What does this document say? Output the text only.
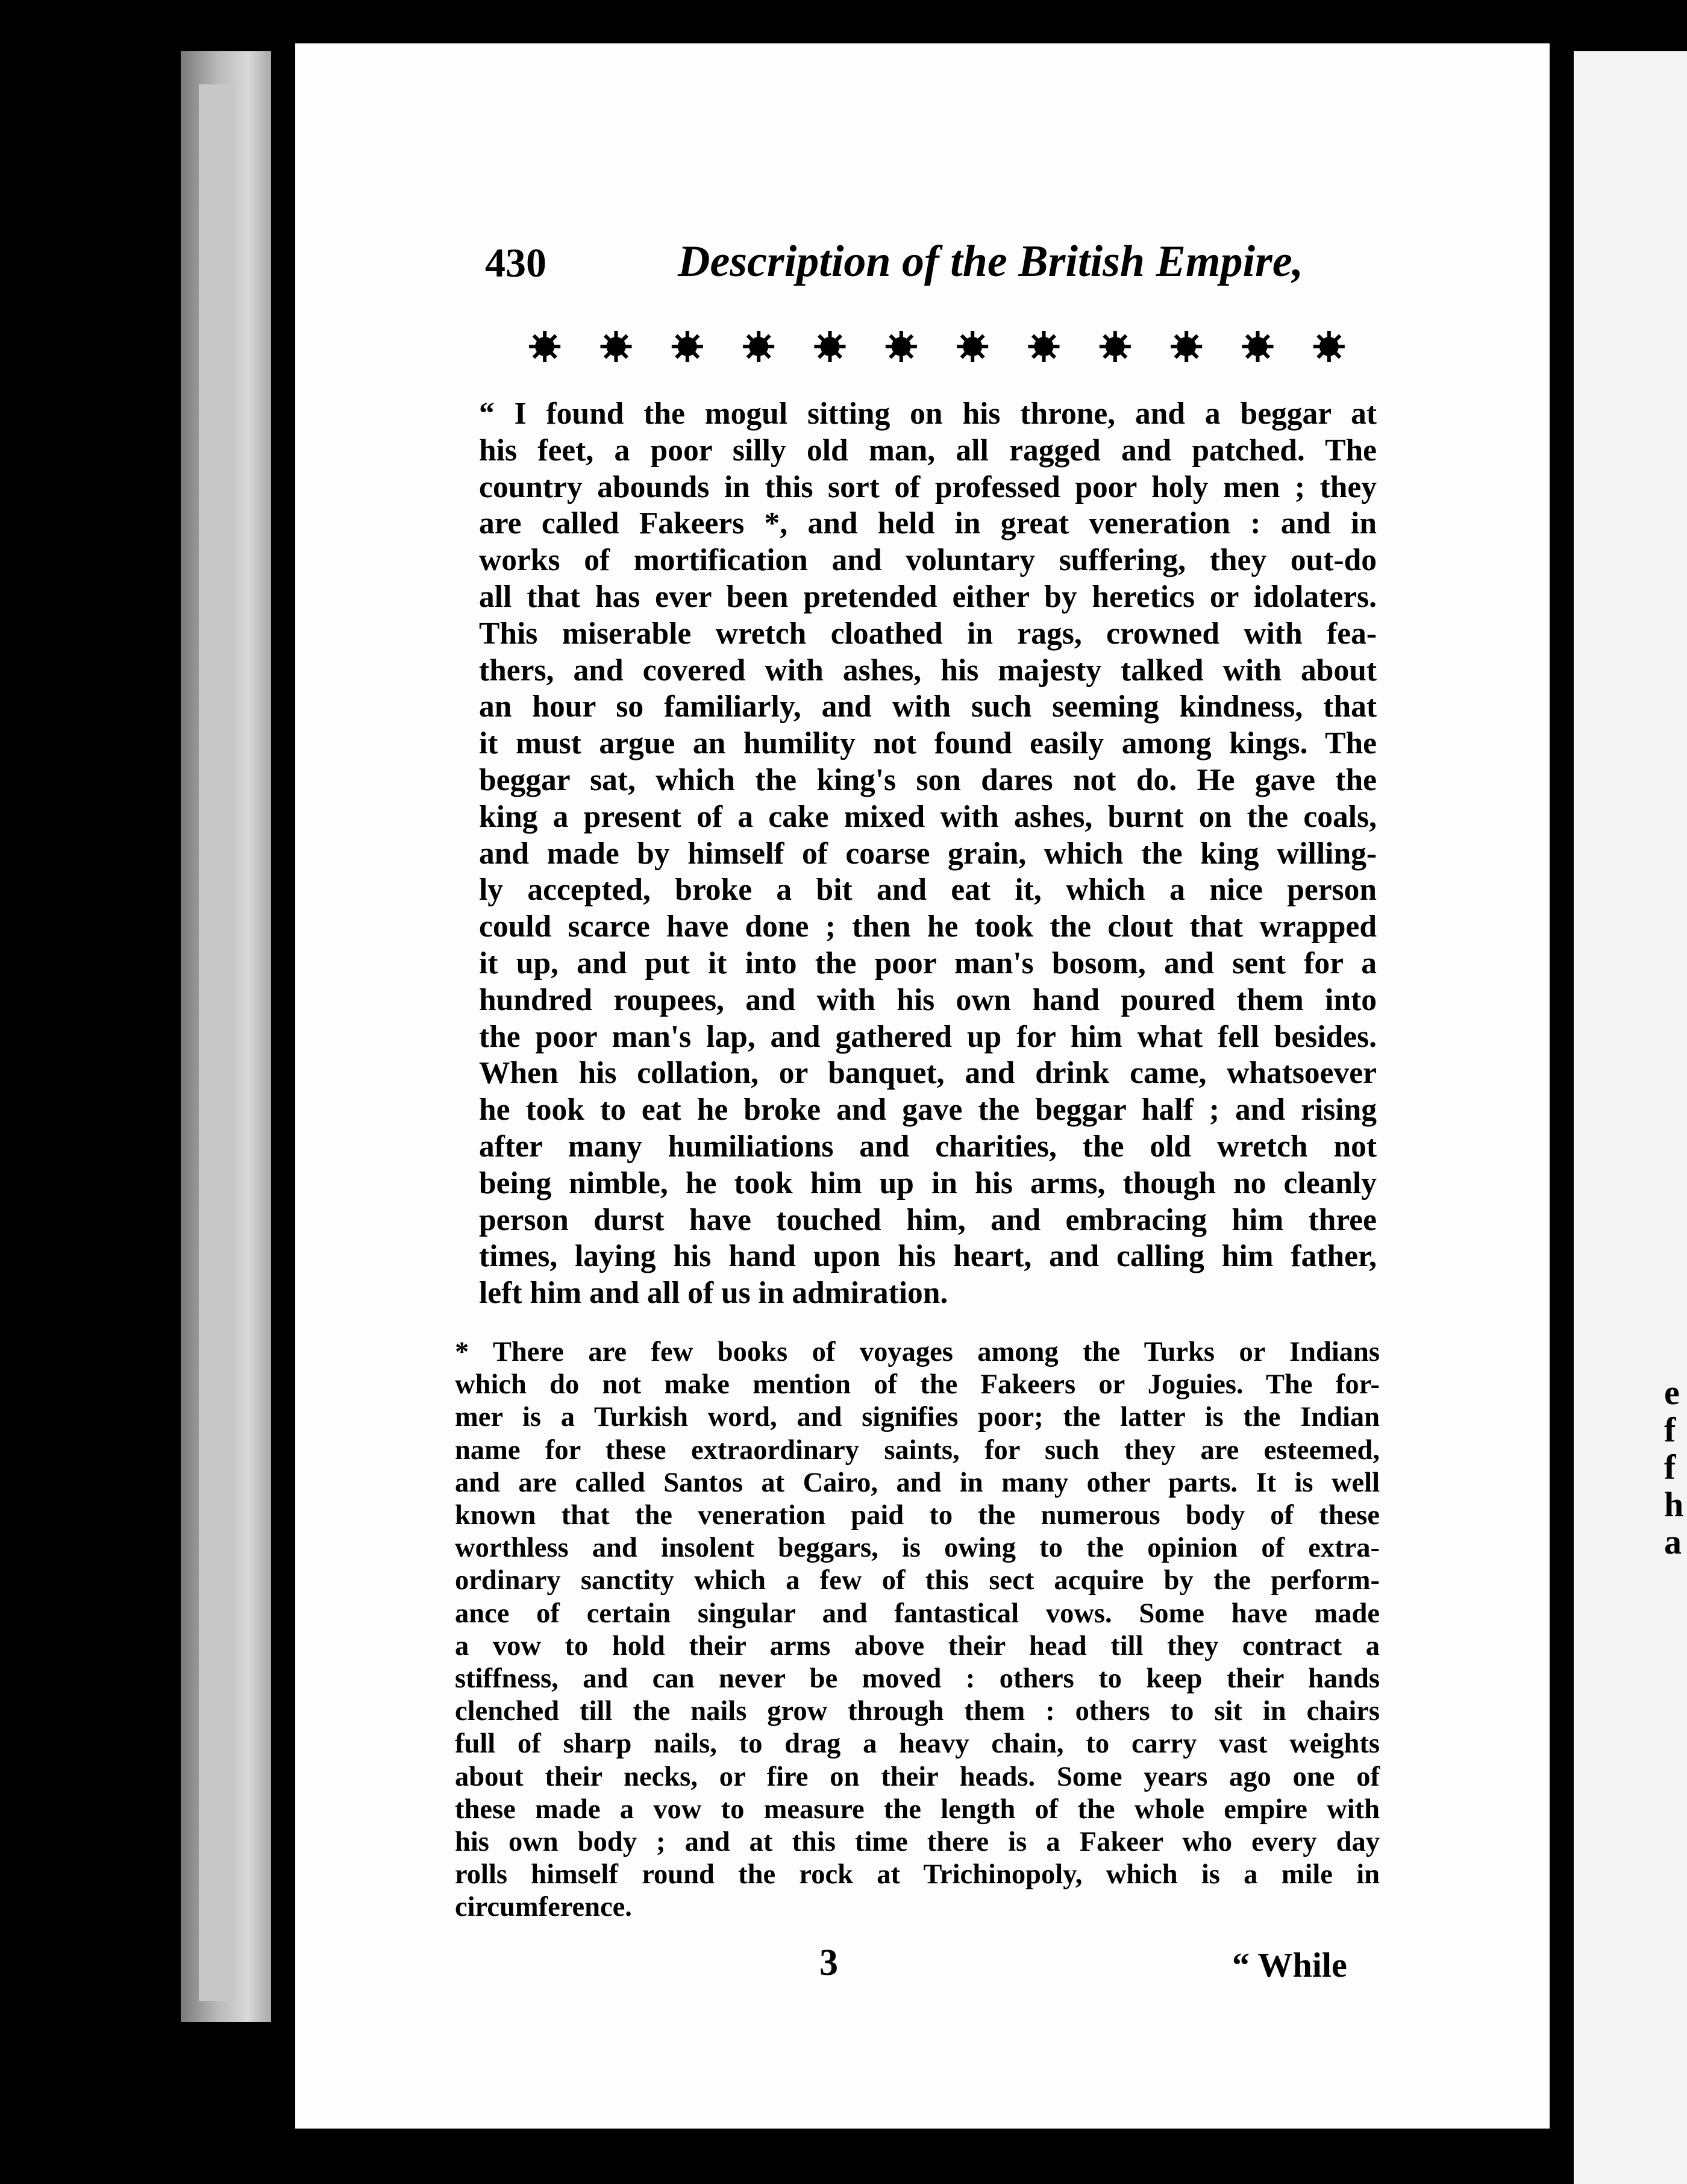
e
f
f
h
a
430	Description of the British Empire,
“ I found the mogul sitting on his throne, and a beggar at
his feet, a poor silly old man, all ragged and patched. The
country abounds in this sort of professed poor holy men ; they
are called Fakeers *, and held in great veneration : and in
works of mortification and voluntary suffering, they out-do
all that has ever been pretended either by heretics or idolaters.
This miserable wretch cloathed in rags, crowned with fea-
thers, and covered with ashes, his majesty talked with about
an hour so familiarly, and with such seeming kindness, that
it must argue an humility not found easily among kings. The
beggar sat, which the king's son dares not do. He gave the
king a present of a cake mixed with ashes, burnt on the coals,
and made by himself of coarse grain, which the king willing-
ly accepted, broke a bit and eat it, which a nice person
could scarce have done ; then he took the clout that wrapped
it up, and put it into the poor man's bosom, and sent for a
hundred roupees, and with his own hand poured them into
the poor man's lap, and gathered up for him what fell besides.
When his collation, or banquet, and drink came, whatsoever
he took to eat he broke and gave the beggar half ; and rising
after many humiliations and charities, the old wretch not
being nimble, he took him up in his arms, though no cleanly
person durst have touched him, and embracing him three
times, laying his hand upon his heart, and calling him father,
left him and all of us in admiration.
* There are few books of voyages among the Turks or Indians
which do not make mention of the Fakeers or Joguies. The for-
mer is a Turkish word, and signifies poor; the latter is the Indian
name for these extraordinary saints, for such they are esteemed,
and are called Santos at Cairo, and in many other parts. It is well
known that the veneration paid to the numerous body of these
worthless and insolent beggars, is owing to the opinion of extra-
ordinary sanctity which a few of this sect acquire by the perform-
ance of certain singular and fantastical vows. Some have made
a vow to hold their arms above their head till they contract a
stiffness, and can never be moved : others to keep their hands
clenched till the nails grow through them : others to sit in chairs
full of sharp nails, to drag a heavy chain, to carry vast weights
about their necks, or fire on their heads. Some years ago one of
these made a vow to measure the length of the whole empire with
his own body ; and at this time there is a Fakeer who every day
rolls himself round the rock at Trichinopoly, which is a mile in
circumference.
3	“ While
